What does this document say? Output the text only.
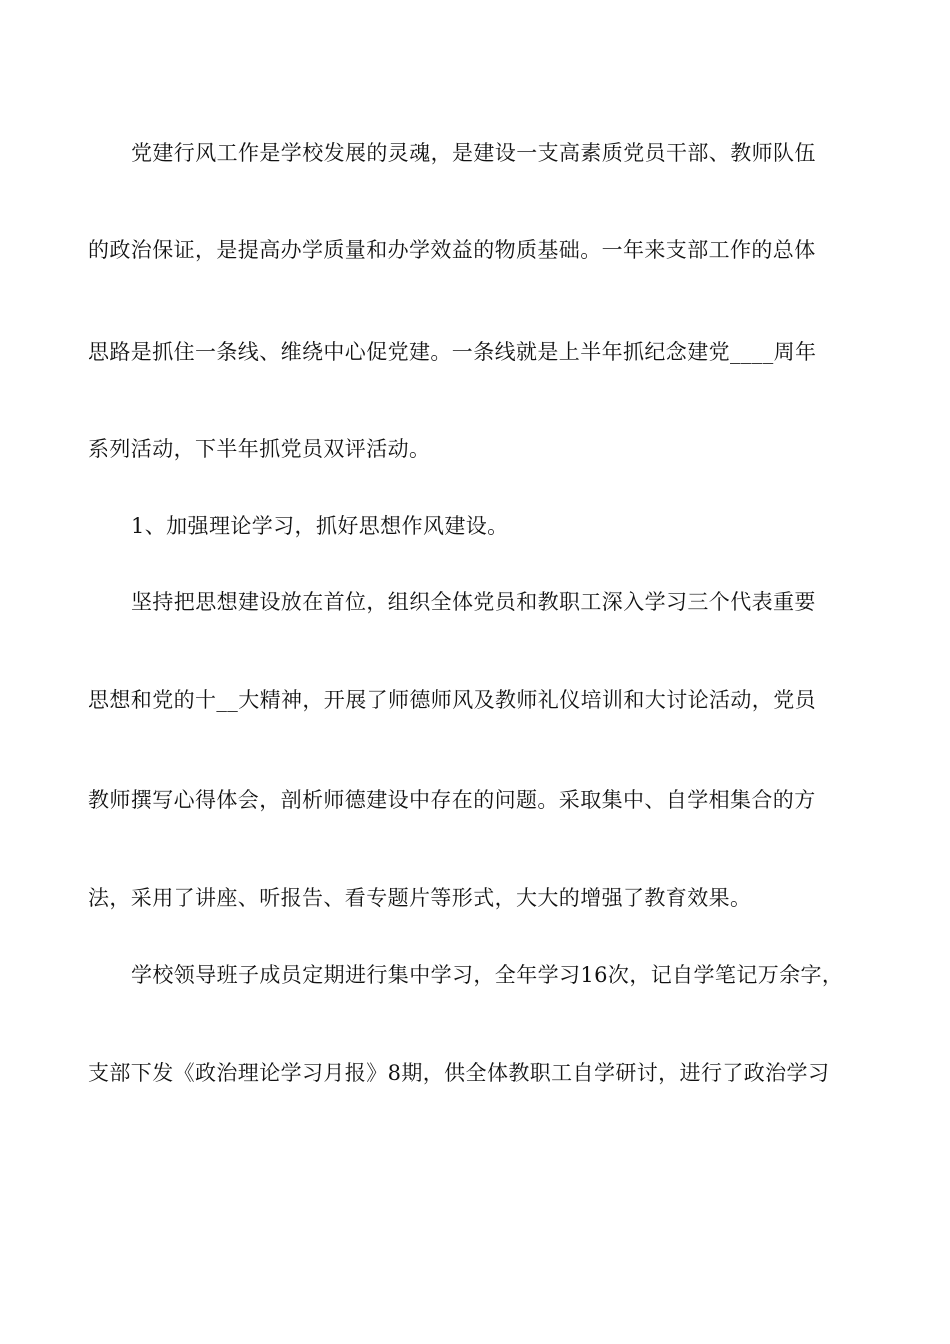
党建行风工作是学校发展的灵魂，是建设一支高素质党员干部、教师队伍
的政治保证，是提高办学质量和办学效益的物质基础。一年来支部工作的总体
思路是抓住一条线、维绕中心促党建。一条线就是上半年抓纪念建党____周年
系列活动，下半年抓党员双评活动。
1、加强理论学习，抓好思想作风建设。
坚持把思想建设放在首位，组织全体党员和教职工深入学习三个代表重要
思想和党的十__大精神，开展了师德师风及教师礼仪培训和大讨论活动，党员
教师撰写心得体会，剖析师德建设中存在的问题。采取集中、自学相集合的方
法，采用了讲座、听报告、看专题片等形式，大大的增强了教育效果。
学校领导班子成员定期进行集中学习，全年学习16次，记自学笔记万余字，
支部下发《政治理论学习月报》8期，供全体教职工自学研讨，进行了政治学习
